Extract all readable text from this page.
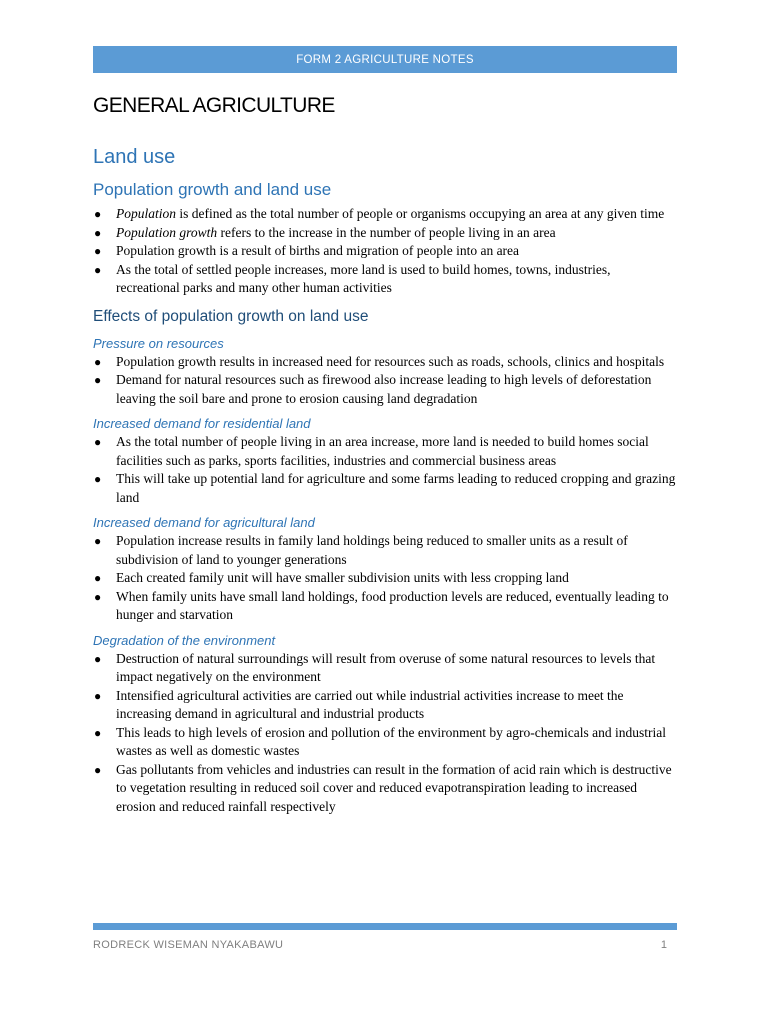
FORM 2 AGRICULTURE NOTES
GENERAL AGRICULTURE
Land use
Population growth and land use
● Population is defined as the total number of people or organisms occupying an area at any given time
● Population growth refers to the increase in the number of people living in an area
● Population growth is a result of births and migration of people into an area
● As the total of settled people increases, more land is used to build homes, towns, industries, recreational parks and many other human activities
Effects of population growth on land use
Pressure on resources
● Population growth results in increased need for resources such as roads, schools, clinics and hospitals
● Demand for natural resources such as firewood also increase leading to high levels of deforestation leaving the soil bare and prone to erosion causing land degradation
Increased demand for residential land
● As the total number of people living in an area increase, more land is needed to build homes social facilities such as parks, sports facilities, industries and commercial business areas
● This will take up potential land for agriculture and some farms leading to reduced cropping and grazing land
Increased demand for agricultural land
● Population increase results in family land holdings being reduced to smaller units as a result of subdivision of land to younger generations
● Each created family unit will have smaller subdivision units with less cropping land
● When family units have small land holdings, food production levels are reduced, eventually leading to hunger and starvation
Degradation of the environment
● Destruction of natural surroundings will result from overuse of some natural resources to levels that impact negatively on the environment
● Intensified agricultural activities are carried out while industrial activities increase to meet the increasing demand in agricultural and industrial products
● This leads to high levels of erosion and pollution of the environment by agro-chemicals and industrial wastes as well as domestic wastes
● Gas pollutants from vehicles and industries can result in the formation of acid rain which is destructive to vegetation resulting in reduced soil cover and reduced evapotranspiration leading to increased erosion and reduced rainfall respectively
RODRECK WISEMAN NYAKABAWU	1
